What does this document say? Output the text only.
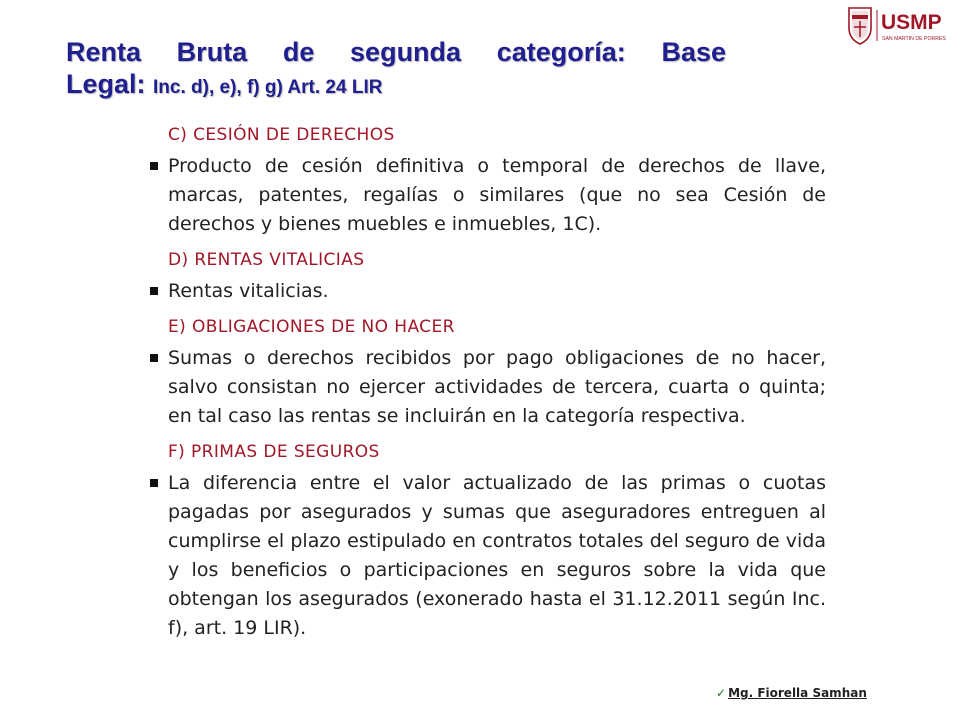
Renta Bruta de segunda categoría: Base
Legal: Inc. d), e), f) g) Art. 24 LIR
USMP
SAN MARTIN DE PORRES
C) CESIÓN DE DERECHOS
Producto de cesión definitiva o temporal de derechos de llave, marcas, patentes, regalías o similares (que no sea Cesión de derechos y bienes muebles e inmuebles, 1C).
D) RENTAS VITALICIAS
Rentas vitalicias.
E) OBLIGACIONES DE NO HACER
Sumas o derechos recibidos por pago obligaciones de no hacer, salvo consistan no ejercer actividades de tercera, cuarta o quinta; en tal caso las rentas se incluirán en la categoría respectiva.
F) PRIMAS DE SEGUROS
La diferencia entre el valor actualizado de las primas o cuotas pagadas por asegurados y sumas que aseguradores entreguen al cumplirse el plazo estipulado en contratos totales del seguro de vida y los beneficios o participaciones en seguros sobre la vida que obtengan los asegurados (exonerado hasta el 31.12.2011 según Inc. f), art. 19 LIR).
✓ Mg. Fiorella Samhan
